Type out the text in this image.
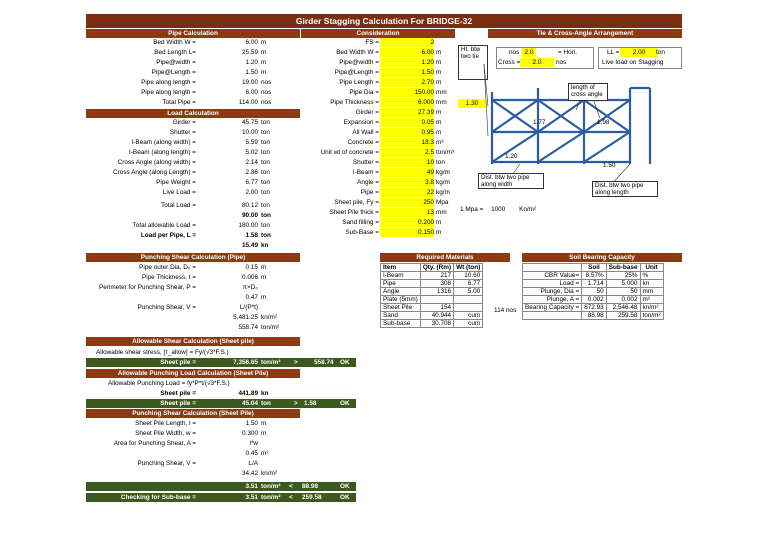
Girder Stagging Calculation For BRIDGE-32
Pipe Calculation	Consideration	Tie & Cross-Angle Arrangement
Load Calculation
Punching Shear Calculation (Pipe)	Required Materials	Soil Bearing Capacity
Bed Width W =	6.00 m
Bed Length L=	25.59 m
Pipe@width =	1.20 m
Pipe@Length =	1.50 m
Pipe along length =	19.00 nos
Pipe along length =	6.00 nos
Total Pipe =	114.00 nos
Girder =	45.75 ton
Shutter =	10.00 ton
I-Beam (along width) =	5.59 ton
I-Beam (along length) =	5.02 ton
Cross Angle (along width) =	2.14 ton
Cross Angle (along Length) =	2.86 ton
Pipe Weight =	6.77 ton
Live Load =	2.00 ton
Total Load =	80.12 ton
90.00 ton
Total allowable Load =	180.00 ton
Load per Pipe, L =	1.58 ton
15.49 kn
FS =	2
Bed Width W =	6.00 m
Pipe@width =	1.20 m
Pipe@Length =	1.50 m
Pipe Length =	2.70 m
Pipe Dia =	150.00 mm
Pipe Thickness =	6.000 mm
Girder =	27.39 m
Expansion =	0.05 m
All Wall =	0.95 m
Concrete =	18.3 m³
Unit wt of concrete =	2.5 ton/m³
Shutter =	10 ton
I-Beam =	49 kg/m
Angle =	3.8 kg/m
Pipe =	22 kg/m
Sheet pile, Fy =	250 Mpa
Sheet Pile thick =	13 mm
Sand filling =	0.200 m
Sub-Base =	0.150 m
1 Mpa = 1000 Kn/m²
Ht. btw two tie
1.30
nos 2.0	= Hori.
Cross =	2.0	nos
LL =	2.00	ton
Live load on Stagging
length of cross angle
1.77	1.98
1.20
1.50
Dist. btw two pipe along width	Dist. btw two pipe along length
Pipe outer Dia, D₀ =	0.15 m
Pipe Thickness, t =	0.006 m
Perimeter for Punching Shear, P =	π×D₀
0.47 m
Punching Shear, V =	L/(P*t)
5,481.25 kn/m²
558.74 ton/m²
Allowable Shear Calculation (Sheet pile)
Allowable shear stress, [τ_allow] = Fy/(√3*F.S.)
Sheet pile =	7,356.65 ton/m² >	558.74 OK
Allowable Punching Load Calculation (Sheet Pile)
Allowable Punching Load = fy*P*t/(√3*F.S.)
Sheet pile =	441.89 kn
Sheet pile =	45.04 ton	> 1.58	OK
Punching Shear Calculation (Sheet Pile)
Sheet Pile Length, l =	1.50 m
Sheet Pile Width, w =	0.300 m
Area for Punching Shear, A =	l*w
0.45 m²
Punching Shear, V =	L/A
34.42 kn/m²
3.51 ton/m² < 88.98	OK
Checking for Sub-base =	3.51 ton/m² < 259.58	OK
Item	Qty. (Rm)	Wt (ton)
I-Beam	217	10.60
Pipe	308	6.77
Angle	1316	5.00
Plate (5mm)		
Sheet Pile	154	
Sand	40.944	cum
Sub-base	30.708	cum
114 nos
	Soil	Sub-base	Unit
CBR Value=	8.57%	25%	%
Load =	1.714	5.000	kn
Plunge, Dia =	50	50	mm
Plunge, A =	0.002	0.002	m²
Bearing Capacity =	872.93	2,546.48	kn/m²
	88.98	259.58	ton/m²
